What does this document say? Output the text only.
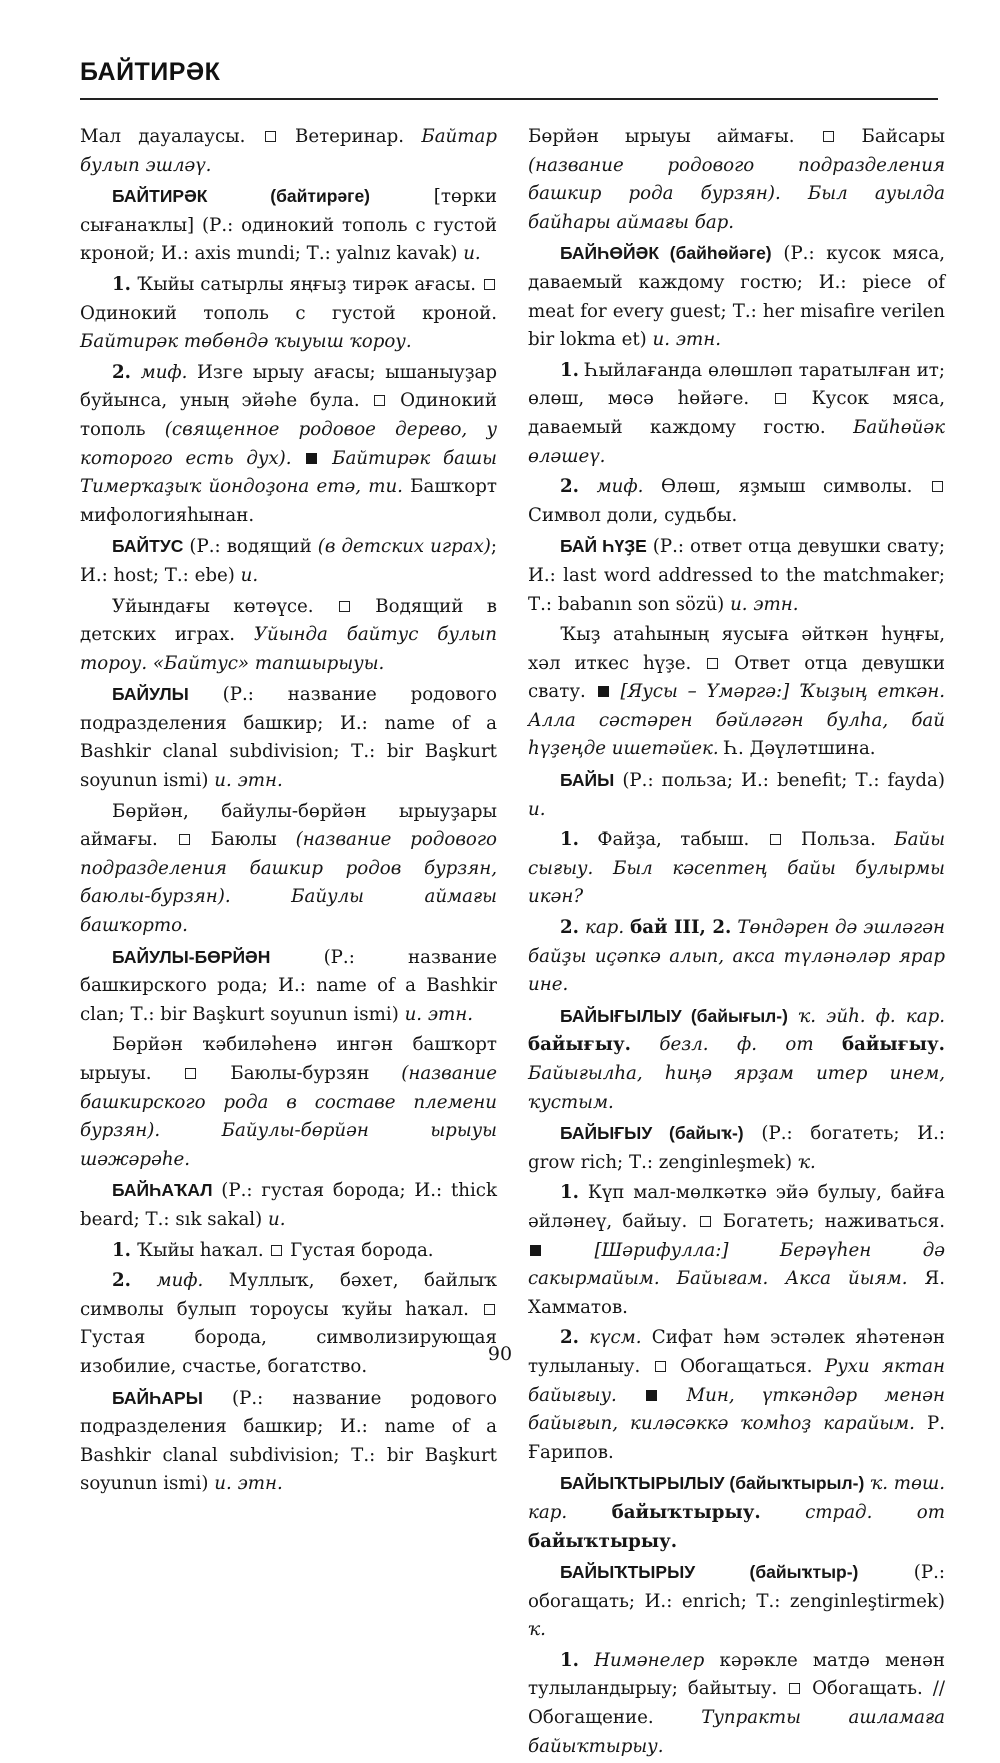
БАЙТИРӘК

Мал дауалаусы.  Ветеринар. Байтар булып эшләү.

БАЙТИРӘК (байтирәге) [төрки сығанаҡлы] (Р.: одинокий тополь с густой кроной; И.: axis mundi; Т.: yalnız kavak) и.

1. Ҡыйы сатырлы яңғыҙ тирәк ағасы.  Одинокий тополь с густой кроной. Байтирәк төбөндә ҡыуыш ҡороу.

2. миф. Изге ырыу ағасы; ышаныуҙар буйынса, уның эйәһе була.  Одинокий тополь (священное родовое дерево, у которого есть дух). Байтирәк башы Тимерҡаҙыҡ йондоҙона етә, ти. Башҡорт мифологияһынан.

БАЙТУС (Р.: водящий (в детских играх); И.: host; Т.: ebe) и.

Уйындағы көтөүсе.  Водящий в детских играх. Уйында байтус булып тороу. «Байтус» тапшырыуы.

БАЙУЛЫ (Р.: название родового подразделения башкир; И.: name of a Bashkir clanal subdivision; Т.: bir Başkurt soyunun ismi) и. этн.

Бөрйән, байулы-бөрйән ырыуҙары аймағы.  Баюлы (название родового подразделения башкир родов бурзян, баюлы-бурзян). Байулы аймағы башҡорто.

БАЙУЛЫ-БӨРЙӘН (Р.: название башкирского рода; И.: name of a Bashkir clan; Т.: bir Başkurt soyunun ismi) и. этн.

Бөрйән ҡәбиләһенә ингән башҡорт ырыуы.  Баюлы-бурзян (название башкирского рода в составе племени бурзян). Байулы-бөрйән ырыуы шәжәрәһе.

БАЙҺАҠАЛ (Р.: густая борода; И.: thick beard; Т.: sık sakal) и.

1. Ҡыйы һаҡал.  Густая борода.

2. миф. Муллыҡ, бәхет, байлыҡ символы булып тороусы ҡуйы һаҡал.  Густая борода, символизирующая изобилие, счастье, богатство.

БАЙҺАРЫ (Р.: название родового подразделения башкир; И.: name of a Bashkir clanal subdivision; Т.: bir Başkurt soyunun ismi) и. этн.

Бөрйән ырыуы аймағы.  Байсары (название родового подразделения башкир рода бурзян). Был ауылда байһары аймағы бар.

БАЙҺӨЙӘК (байһөйәге) (Р.: кусок мяса, даваемый каждому гостю; И.: piece of meat for every guest; Т.: her misafire verilen bir lokma et) и. этн.

1. Һыйлағанда өлөшләп таратылған ит; өлөш, мөсә һөйәге.  Кусок мяса, даваемый каждому гостю. Байһөйәк өләшеү.

2. миф. Өлөш, яҙмыш символы.  Символ доли, судьбы.

БАЙ ҺҮҘЕ (Р.: ответ отца девушки свату; И.: last word addressed to the matchmaker; Т.: babanın son sözü) и. этн.

Ҡыҙ атаһының яусыға әйткән һуңғы, хәл иткес һүҙе.  Ответ отца девушки свату.  [Яусы – Үмәргә:] Ҡыҙың еткән. Алла сәстәрен бәйләгән булһа, бай һүҙеңде ишетәйек. Һ. Дәүләтшина.

БАЙЫ (Р.: польза; И.: benefit; Т.: fayda) и.

1. Файҙа, табыш.  Польза. Байы сығыу. Был кәсептең байы булырмы икән?

2. кар. бай III, 2. Төндәрен дә эшләгән байҙы иҫәпкә алып, акса түләнәләр ярар ине.

БАЙЫҒЫЛЫУ (байығыл-) ҡ. эйһ. ф. кар. байығыу. безл. ф. от байығыу. Байығылһа, һиңә ярҙам итер инем, ҡустым.

БАЙЫҒЫУ (байыҡ-) (Р.: богатеть; И.: grow rich; Т.: zenginleşmek) ҡ.

1. Күп мал-мөлкәткә эйә булыу, байға әйләнеү, байыу.  Богатеть; наживаться.  [Шәрифулла:] Берәүһен дә сакырмайым. Байығам. Акса йыям. Я. Хамматов.

2. күсм. Сифат һәм эстәлек яһәтенән тулыланыу.  Обогащаться. Рухи яктан байығыу.	Мин, үткәндәр менән байығып, киләсәккә ҡомһоҙ карайым. Р. Ғарипов.

БАЙЫҠТЫРЫЛЫУ (байыҡтырыл-) ҡ. төш. кар. байыҡтырыу. страд. от байыҡтырыу.

БАЙЫҠТЫРЫУ (байыҡтыр-) (Р.: обогащать; И.: enrich; Т.: zenginleştirmek) ҡ.

1. Нимәнелер кәрәкле матдә менән тулыландырыу; байытыу.  Обогащать. // Обогащение. Тупракты ашламаға байыҡтырыу.

90
